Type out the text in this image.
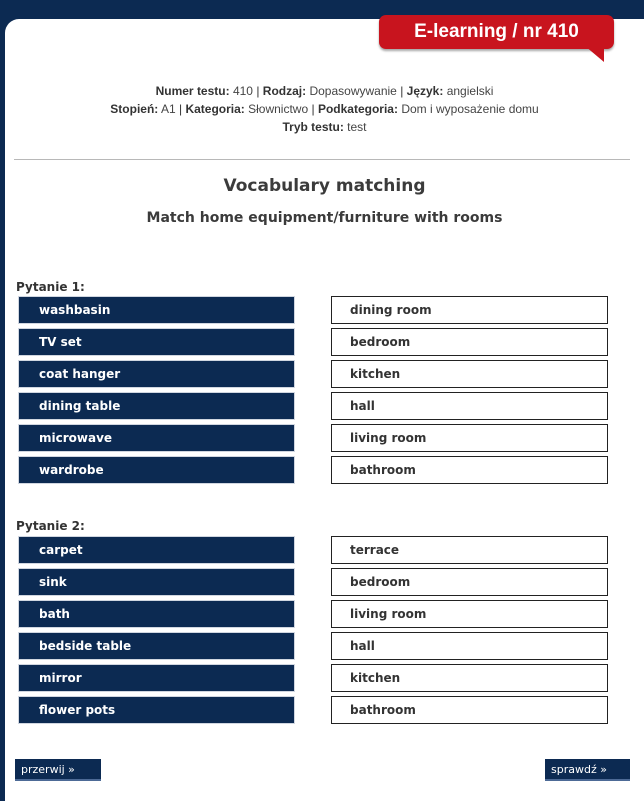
E-learning / nr 410
Numer testu: 410 | Rodzaj: Dopasowywanie | Język: angielski
Stopień: A1 | Kategoria: Słownictwo | Podkategoria: Dom i wyposażenie domu
Tryb testu: test
Vocabulary matching
Match home equipment/furniture with rooms
Pytanie 1:
washbasin
TV set
coat hanger
dining table
microwave
wardrobe
dining room
bedroom
kitchen
hall
living room
bathroom
Pytanie 2:
carpet
sink
bath
bedside table
mirror
flower pots
terrace
bedroom
living room
hall
kitchen
bathroom
przerwij »	sprawdź »
